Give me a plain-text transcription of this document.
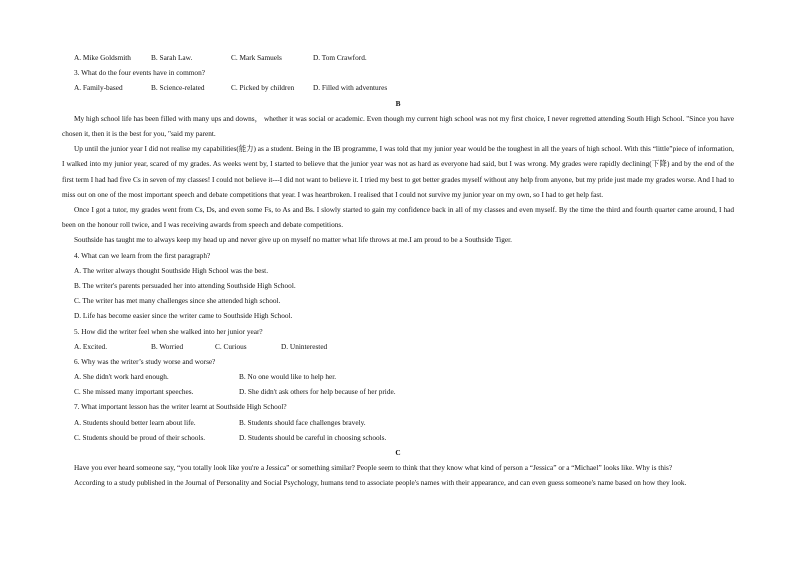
A. Mike Goldsmith	B. Sarah Law.	C. Mark Samuels	D. Tom Crawford.
3. What do the four events have in common?
A. Family-based	B. Science-related	C. Picked by children	D. Filled with adventures
B
My high school life has been filled with many ups and downs， whether it was social or academic. Even though my current high school was not my first choice, I never regretted attending South High School. "Since you have chosen it, then it is the best for you, "said my parent.
Up until the junior year I did not realise my capabilities(能力) as a student. Being in the IB programme, I was told that my junior year would be the toughest in all the years of high school. With this “little”piece of information, I walked into my junior year, scared of my grades. As weeks went by, I started to believe that the junior year was not as hard as everyone had said, but I was wrong. My grades were rapidly declining(下降) and by the end of the first term I had had five Cs in seven of my classes! I could not believe it---I did not want to believe it. I tried my best to get better grades myself without any help from anyone, but my pride just made my grades worse. And I had to miss out on one of the most important speech and debate competitions that year. I was heartbroken. I realised that I could not survive my junior year on my own, so I had to get help fast.
Once I got a tutor, my grades went from Cs, Ds, and even some Fs, to As and Bs. I slowly started to gain my confidence back in all of my classes and even myself. By the time the third and fourth quarter came around, I had been on the honour roll twice, and I was receiving awards from speech and debate competitions.
Southside has taught me to always keep my head up and never give up on myself no matter what life throws at me.I am proud to be a Southside Tiger.
4. What can we learn from the first paragraph?
A. The writer always thought Southside High School was the best.
B. The writer's parents persuaded her into attending Southside High School.
C. The writer has met many challenges since she attended high school.
D. Life has become easier since the writer came to Southside High School.
5. How did the writer feel when she walked into her junior year?
A. Excited.	B. Worried	C. Curious	D. Uninterested
6. Why was the writer’s study worse and worse?
A. She didn't work hard enough.	B. No one would like to help her.
C. She missed many important speeches.	D. She didn't ask others for help because of her pride.
7. What important lesson has the writer learnt at Southside High School?
A. Students should better learn about life.	B. Students should face challenges bravely.
C. Students should be proud of their schools.	D. Students should be careful in choosing schools.
C
Have you ever heard someone say, “you totally look like you're a Jessica” or something similar? People seem to think that they know what kind of person a “Jessica” or a “Michael” looks like. Why is this?
According to a study published in the Journal of Personality and Social Psychology, humans tend to associate people's names with their appearance, and can even guess someone's name based on how they look.
